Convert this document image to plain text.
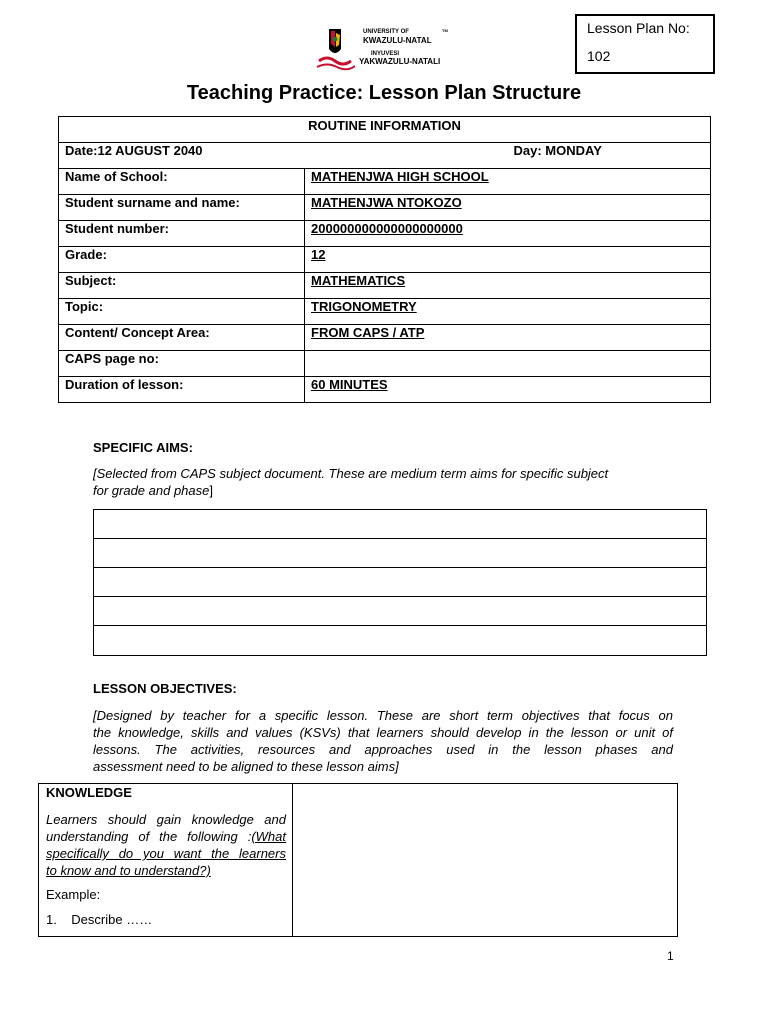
Lesson Plan No:
102
UNIVERSITY OF
KWAZULU-NATAL
TM
INYUVESI
YAKWAZULU-NATALI
Teaching Practice: Lesson Plan Structure
ROUTINE INFORMATION	
Date:12 AUGUST 2040 Day: MONDAY	

Name of School:	MATHENJWA HIGH SCHOOL
Student surname and name:	MATHENJWA NTOKOZO
Student number:	200000000000000000000
Grade:	12
Subject:	MATHEMATICS
Topic:	TRIGONOMETRY
Content/ Concept Area:	FROM CAPS / ATP
CAPS page no:	
Duration of lesson:	60 MINUTES
SPECIFIC AIMS:
[Selected from CAPS subject document. These are medium term aims for specific subject
for grade and phase]
LESSON OBJECTIVES:
[Designed by teacher for a specific lesson. These are short term objectives that focus on
the knowledge, skills and values (KSVs) that learners should develop in the lesson or unit of
lessons. The activities, resources and approaches used in the lesson phases and
assessment need to be aligned to these lesson aims]
KNOWLEDGE
Learners should gain knowledge and
understanding of the following :(What
specifically do you want the learners
to know and to understand?)
Example:
1.    Describe ……
1
